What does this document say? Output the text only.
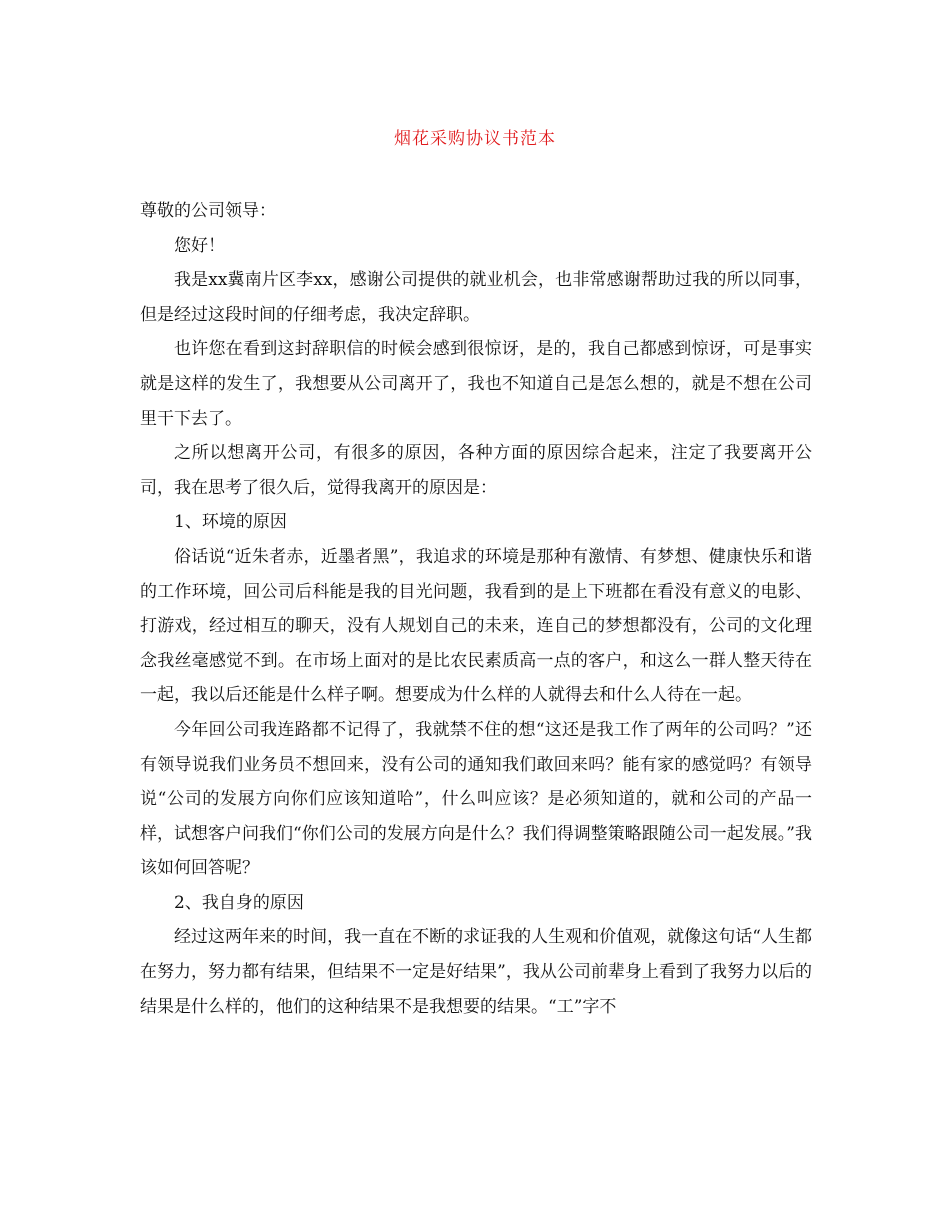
烟花采购协议书范本

尊敬的公司领导：

您好！

我是xx冀南片区李xx，感谢公司提供的就业机会，也非常感谢帮助过我的所以同事，但是经过这段时间的仔细考虑，我决定辞职。

也许您在看到这封辞职信的时候会感到很惊讶，是的，我自己都感到惊讶，可是事实就是这样的发生了，我想要从公司离开了，我也不知道自己是怎么想的，就是不想在公司里干下去了。

之所以想离开公司，有很多的原因，各种方面的原因综合起来，注定了我要离开公司，我在思考了很久后，觉得我离开的原因是：

1、环境的原因

俗话说“近朱者赤，近墨者黑”，我追求的环境是那种有激情、有梦想、健康快乐和谐的工作环境，回公司后科能是我的目光问题，我看到的是上下班都在看没有意义的电影、打游戏，经过相互的聊天，没有人规划自己的未来，连自己的梦想都没有，公司的文化理念我丝毫感觉不到。在市场上面对的是比农民素质高一点的客户，和这么一群人整天待在一起，我以后还能是什么样子啊。想要成为什么样的人就得去和什么人待在一起。

今年回公司我连路都不记得了，我就禁不住的想“这还是我工作了两年的公司吗？”还有领导说我们业务员不想回来，没有公司的通知我们敢回来吗？能有家的感觉吗？有领导说“公司的发展方向你们应该知道哈”，什么叫应该？是必须知道的，就和公司的产品一样，试想客户问我们“你们公司的发展方向是什么？我们得调整策略跟随公司一起发展。”我该如何回答呢？

2、我自身的原因

经过这两年来的时间，我一直在不断的求证我的人生观和价值观，就像这句话“人生都在努力，努力都有结果，但结果不一定是好结果”，我从公司前辈身上看到了我努力以后的结果是什么样的，他们的这种结果不是我想要的结果。“工”字不
